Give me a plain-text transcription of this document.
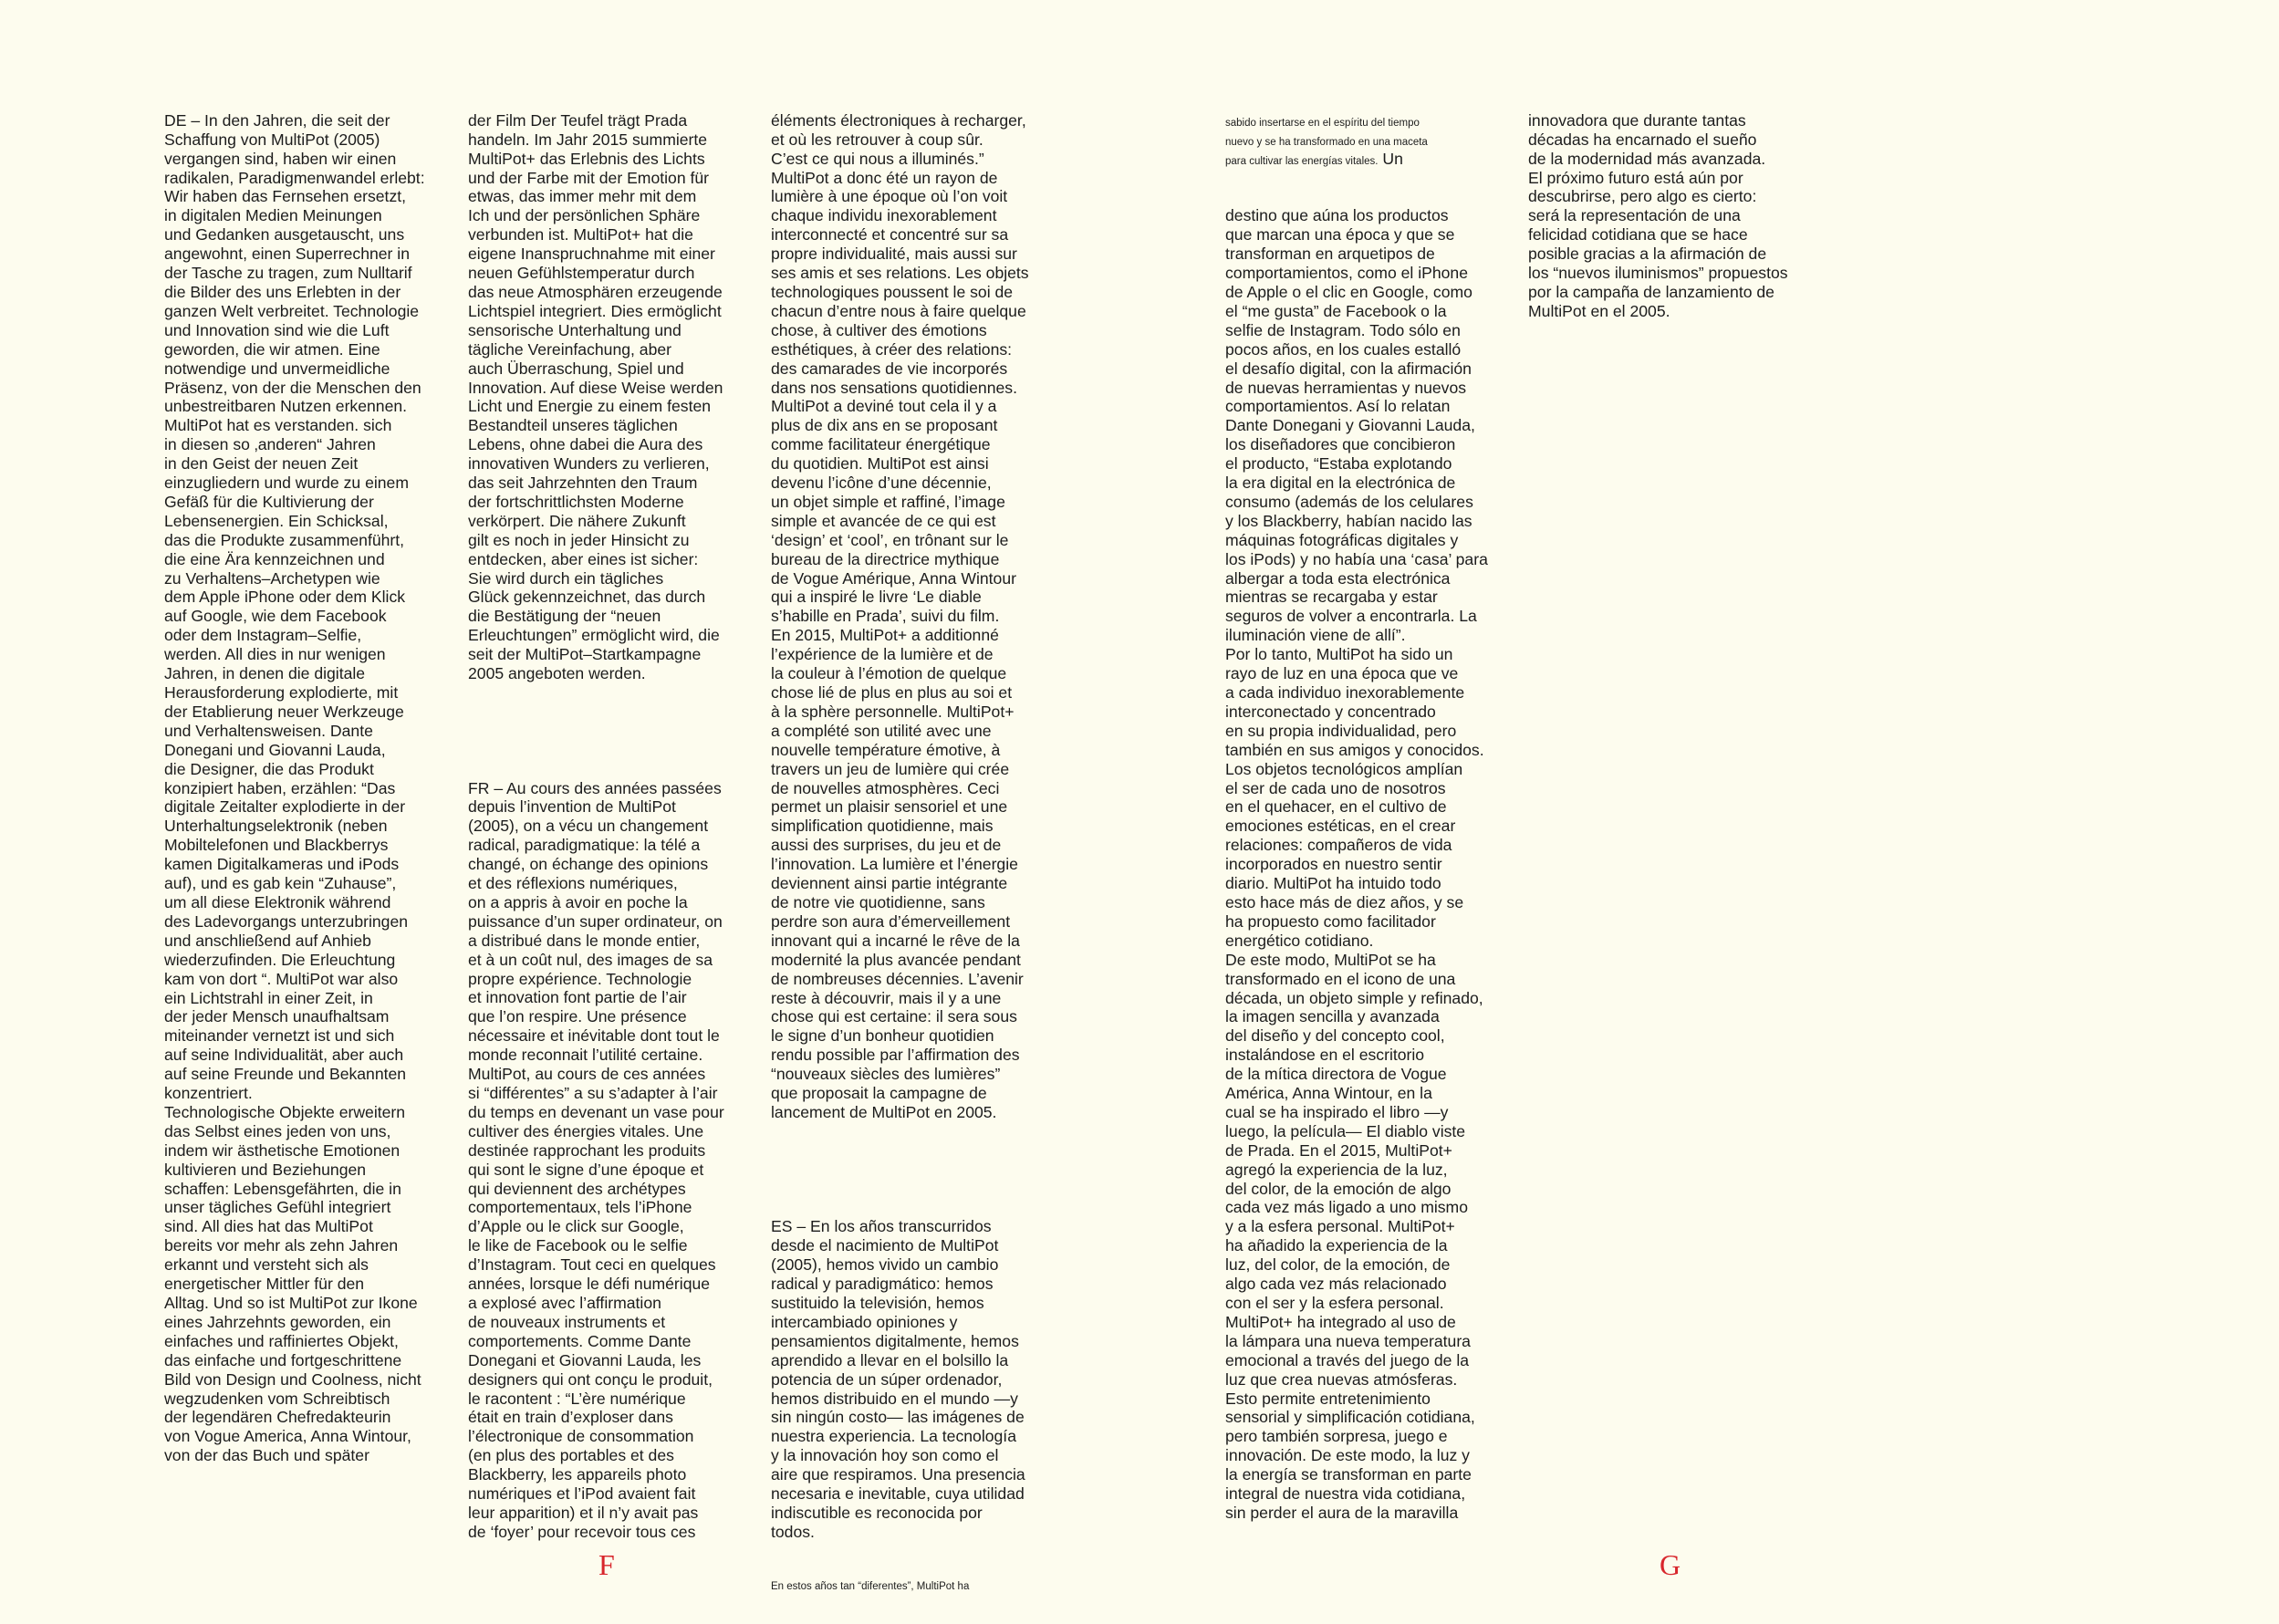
DE – In den Jahren, die seit der
Schaffung von MultiPot (2005)
vergangen sind, haben wir einen
radikalen, Paradigmenwandel erlebt:
Wir haben das Fernsehen ersetzt,
in digitalen Medien Meinungen
und Gedanken ausgetauscht, uns
angewohnt, einen Superrechner in
der Tasche zu tragen, zum Nulltarif
die Bilder des uns Erlebten in der
ganzen Welt verbreitet. Technologie
und Innovation sind wie die Luft
geworden, die wir atmen. Eine
notwendige und unvermeidliche
Präsenz, von der die Menschen den
unbestreitbaren Nutzen erkennen.
MultiPot hat es verstanden. sich
in diesen so ‚anderen“ Jahren
in den Geist der neuen Zeit
einzugliedern und wurde zu einem
Gefäß für die Kultivierung der
Lebensenergien. Ein Schicksal,
das die Produkte zusammenführt,
die eine Ära kennzeichnen und
zu Verhaltens–Archetypen wie
dem Apple iPhone oder dem Klick
auf Google, wie dem Facebook
oder dem Instagram–Selfie,
werden. All dies in nur wenigen
Jahren, in denen die digitale
Herausforderung explodierte, mit
der Etablierung neuer Werkzeuge
und Verhaltensweisen. Dante
Donegani und Giovanni Lauda,
die Designer, die das Produkt
konzipiert haben, erzählen: “Das
digitale Zeitalter explodierte in der
Unterhaltungselektronik (neben
Mobiltelefonen und Blackberrys
kamen Digitalkameras und iPods
auf), und es gab kein “Zuhause”,
um all diese Elektronik während
des Ladevorgangs unterzubringen
und anschließend auf Anhieb
wiederzufinden. Die Erleuchtung
kam von dort “. MultiPot war also
ein Lichtstrahl in einer Zeit, in
der jeder Mensch unaufhaltsam
miteinander vernetzt ist und sich
auf seine Individualität, aber auch
auf seine Freunde und Bekannten
konzentriert.
Technologische Objekte erweitern
das Selbst eines jeden von uns,
indem wir ästhetische Emotionen
kultivieren und Beziehungen
schaffen: Lebensgefährten, die in
unser tägliches Gefühl integriert
sind. All dies hat das MultiPot
bereits vor mehr als zehn Jahren
erkannt und versteht sich als
energetischer Mittler für den
Alltag. Und so ist MultiPot zur Ikone
eines Jahrzehnts geworden, ein
einfaches und raffiniertes Objekt,
das einfache und fortgeschrittene
Bild von Design und Coolness, nicht
wegzudenken vom Schreibtisch
der legendären Chefredakteurin
von Vogue America, Anna Wintour,
von der das Buch und später

der Film Der Teufel trägt Prada
handeln. Im Jahr 2015 summierte
MultiPot+ das Erlebnis des Lichts
und der Farbe mit der Emotion für
etwas, das immer mehr mit dem
Ich und der persönlichen Sphäre
verbunden ist. MultiPot+ hat die
eigene Inanspruchnahme mit einer
neuen Gefühlstemperatur durch
das neue Atmosphären erzeugende
Lichtspiel integriert. Dies ermöglicht
sensorische Unterhaltung und
tägliche Vereinfachung, aber
auch Überraschung, Spiel und
Innovation. Auf diese Weise werden
Licht und Energie zu einem festen
Bestandteil unseres täglichen
Lebens, ohne dabei die Aura des
innovativen Wunders zu verlieren,
das seit Jahrzehnten den Traum
der fortschrittlichsten Moderne
verkörpert. Die nähere Zukunft
gilt es noch in jeder Hinsicht zu
entdecken, aber eines ist sicher:
Sie wird durch ein tägliches
Glück gekennzeichnet, das durch
die Bestätigung der “neuen
Erleuchtungen” ermöglicht wird, die
seit der MultiPot–Startkampagne
2005 angeboten werden.

FR – Au cours des années passées
depuis l’invention de MultiPot
(2005), on a vécu un changement
radical, paradigmatique: la télé a
changé, on échange des opinions
et des réflexions numériques,
on a appris à avoir en poche la
puissance d’un super ordinateur, on
a distribué dans le monde entier,
et à un coût nul, des images de sa
propre expérience. Technologie
et innovation font partie de l’air
que l’on respire. Une présence
nécessaire et inévitable dont tout le
monde reconnait l’utilité certaine.
MultiPot, au cours de ces années
si “différentes” a su s’adapter à l’air
du temps en devenant un vase pour
cultiver des énergies vitales. Une
destinée rapprochant les produits
qui sont le signe d’une époque et
qui deviennent des archétypes
comportementaux, tels l’iPhone
d’Apple ou le click sur Google,
le like de Facebook ou le selfie
d’Instagram. Tout ceci en quelques
années, lorsque le défi numérique
a explosé avec l’affirmation
de nouveaux instruments et
comportements. Comme Dante
Donegani et Giovanni Lauda, les
designers qui ont conçu le produit,
le racontent : “L’ère numérique
était en train d’exploser dans
l’électronique de consommation
(en plus des portables et des
Blackberry, les appareils photo
numériques et l’iPod avaient fait
leur apparition) et il n’y avait pas
de ‘foyer’ pour recevoir tous ces

éléments électroniques à recharger,
et où les retrouver à coup sûr.
C’est ce qui nous a illuminés.”
MultiPot a donc été un rayon de
lumière à une époque où l’on voit
chaque individu inexorablement
interconnecté et concentré sur sa
propre individualité, mais aussi sur
ses amis et ses relations. Les objets
technologiques poussent le soi de
chacun d’entre nous à faire quelque
chose, à cultiver des émotions
esthétiques, à créer des relations:
des camarades de vie incorporés
dans nos sensations quotidiennes.
MultiPot a deviné tout cela il y a
plus de dix ans en se proposant
comme facilitateur énergétique
du quotidien. MultiPot est ainsi
devenu l’icône d’une décennie,
un objet simple et raffiné, l’image
simple et avancée de ce qui est
‘design’ et ‘cool’, en trônant sur le
bureau de la directrice mythique
de Vogue Amérique, Anna Wintour
qui a inspiré le livre ‘Le diable
s’habille en Prada’, suivi du film.
En 2015, MultiPot+ a additionné
l’expérience de la lumière et de
la couleur à l’émotion de quelque
chose lié de plus en plus au soi et
à la sphère personnelle. MultiPot+
a complété son utilité avec une
nouvelle température émotive, à
travers un jeu de lumière qui crée
de nouvelles atmosphères. Ceci
permet un plaisir sensoriel et une
simplification quotidienne, mais
aussi des surprises, du jeu et de
l’innovation. La lumière et l’énergie
deviennent ainsi partie intégrante
de notre vie quotidienne, sans
perdre son aura d’émerveillement
innovant qui a incarné le rêve de la
modernité la plus avancée pendant
de nombreuses décennies. L’avenir
reste à découvrir, mais il y a une
chose qui est certaine: il sera sous
le signe d’un bonheur quotidien
rendu possible par l’affirmation des
“nouveaux siècles des lumières”
que proposait la campagne de
lancement de MultiPot en 2005.

ES – En los años transcurridos
desde el nacimiento de MultiPot
(2005), hemos vivido un cambio
radical y paradigmático: hemos
sustituido la televisión, hemos
intercambiado opiniones y
pensamientos digitalmente, hemos
aprendido a llevar en el bolsillo la
potencia de un súper ordenador,
hemos distribuido en el mundo —y
sin ningún costo— las imágenes de
nuestra experiencia. La tecnología
y la innovación hoy son como el
aire que respiramos. Una presencia
necesaria e inevitable, cuya utilidad
indiscutible es reconocida por
todos.

En estos años tan “diferentes”, MultiPot ha

sabido insertarse en el espíritu del tiempo
nuevo y se ha transformado en una maceta
para cultivar las energías vitales. Un

destino que aúna los productos
que marcan una época y que se
transforman en arquetipos de
comportamientos, como el iPhone
de Apple o el clic en Google, como
el “me gusta” de Facebook o la
selfie de Instagram. Todo sólo en
pocos años, en los cuales estalló
el desafío digital, con la afirmación
de nuevas herramientas y nuevos
comportamientos. Así lo relatan
Dante Donegani y Giovanni Lauda,
los diseñadores que concibieron
el producto, “Estaba explotando
la era digital en la electrónica de
consumo (además de los celulares
y los Blackberry, habían nacido las
máquinas fotográficas digitales y
los iPods) y no había una ‘casa’ para
albergar a toda esta electrónica
mientras se recargaba y estar
seguros de volver a encontrarla. La
iluminación viene de allí”.
Por lo tanto, MultiPot ha sido un
rayo de luz en una época que ve
a cada individuo inexorablemente
interconectado y concentrado
en su propia individualidad, pero
también en sus amigos y conocidos.
Los objetos tecnológicos amplían
el ser de cada uno de nosotros
en el quehacer, en el cultivo de
emociones estéticas, en el crear
relaciones: compañeros de vida
incorporados en nuestro sentir
diario. MultiPot ha intuido todo
esto hace más de diez años, y se
ha propuesto como facilitador
energético cotidiano.
De este modo, MultiPot se ha
transformado en el icono de una
década, un objeto simple y refinado,
la imagen sencilla y avanzada
del diseño y del concepto cool,
instalándose en el escritorio
de la mítica directora de Vogue
América, Anna Wintour, en la
cual se ha inspirado el libro —y
luego, la película— El diablo viste
de Prada. En el 2015, MultiPot+
agregó la experiencia de la luz,
del color, de la emoción de algo
cada vez más ligado a uno mismo
y a la esfera personal. MultiPot+
ha añadido la experiencia de la
luz, del color, de la emoción, de
algo cada vez más relacionado
con el ser y la esfera personal.
MultiPot+ ha integrado al uso de
la lámpara una nueva temperatura
emocional a través del juego de la
luz que crea nuevas atmósferas.
Esto permite entretenimiento
sensorial y simplificación cotidiana,
pero también sorpresa, juego e
innovación. De este modo, la luz y
la energía se transforman en parte
integral de nuestra vida cotidiana,
sin perder el aura de la maravilla

innovadora que durante tantas
décadas ha encarnado el sueño
de la modernidad más avanzada.
El próximo futuro está aún por
descubrirse, pero algo es cierto:
será la representación de una
felicidad cotidiana que se hace
posible gracias a la afirmación de
los “nuevos iluminismos” propuestos
por la campaña de lanzamiento de
MultiPot en el 2005.

F	G
